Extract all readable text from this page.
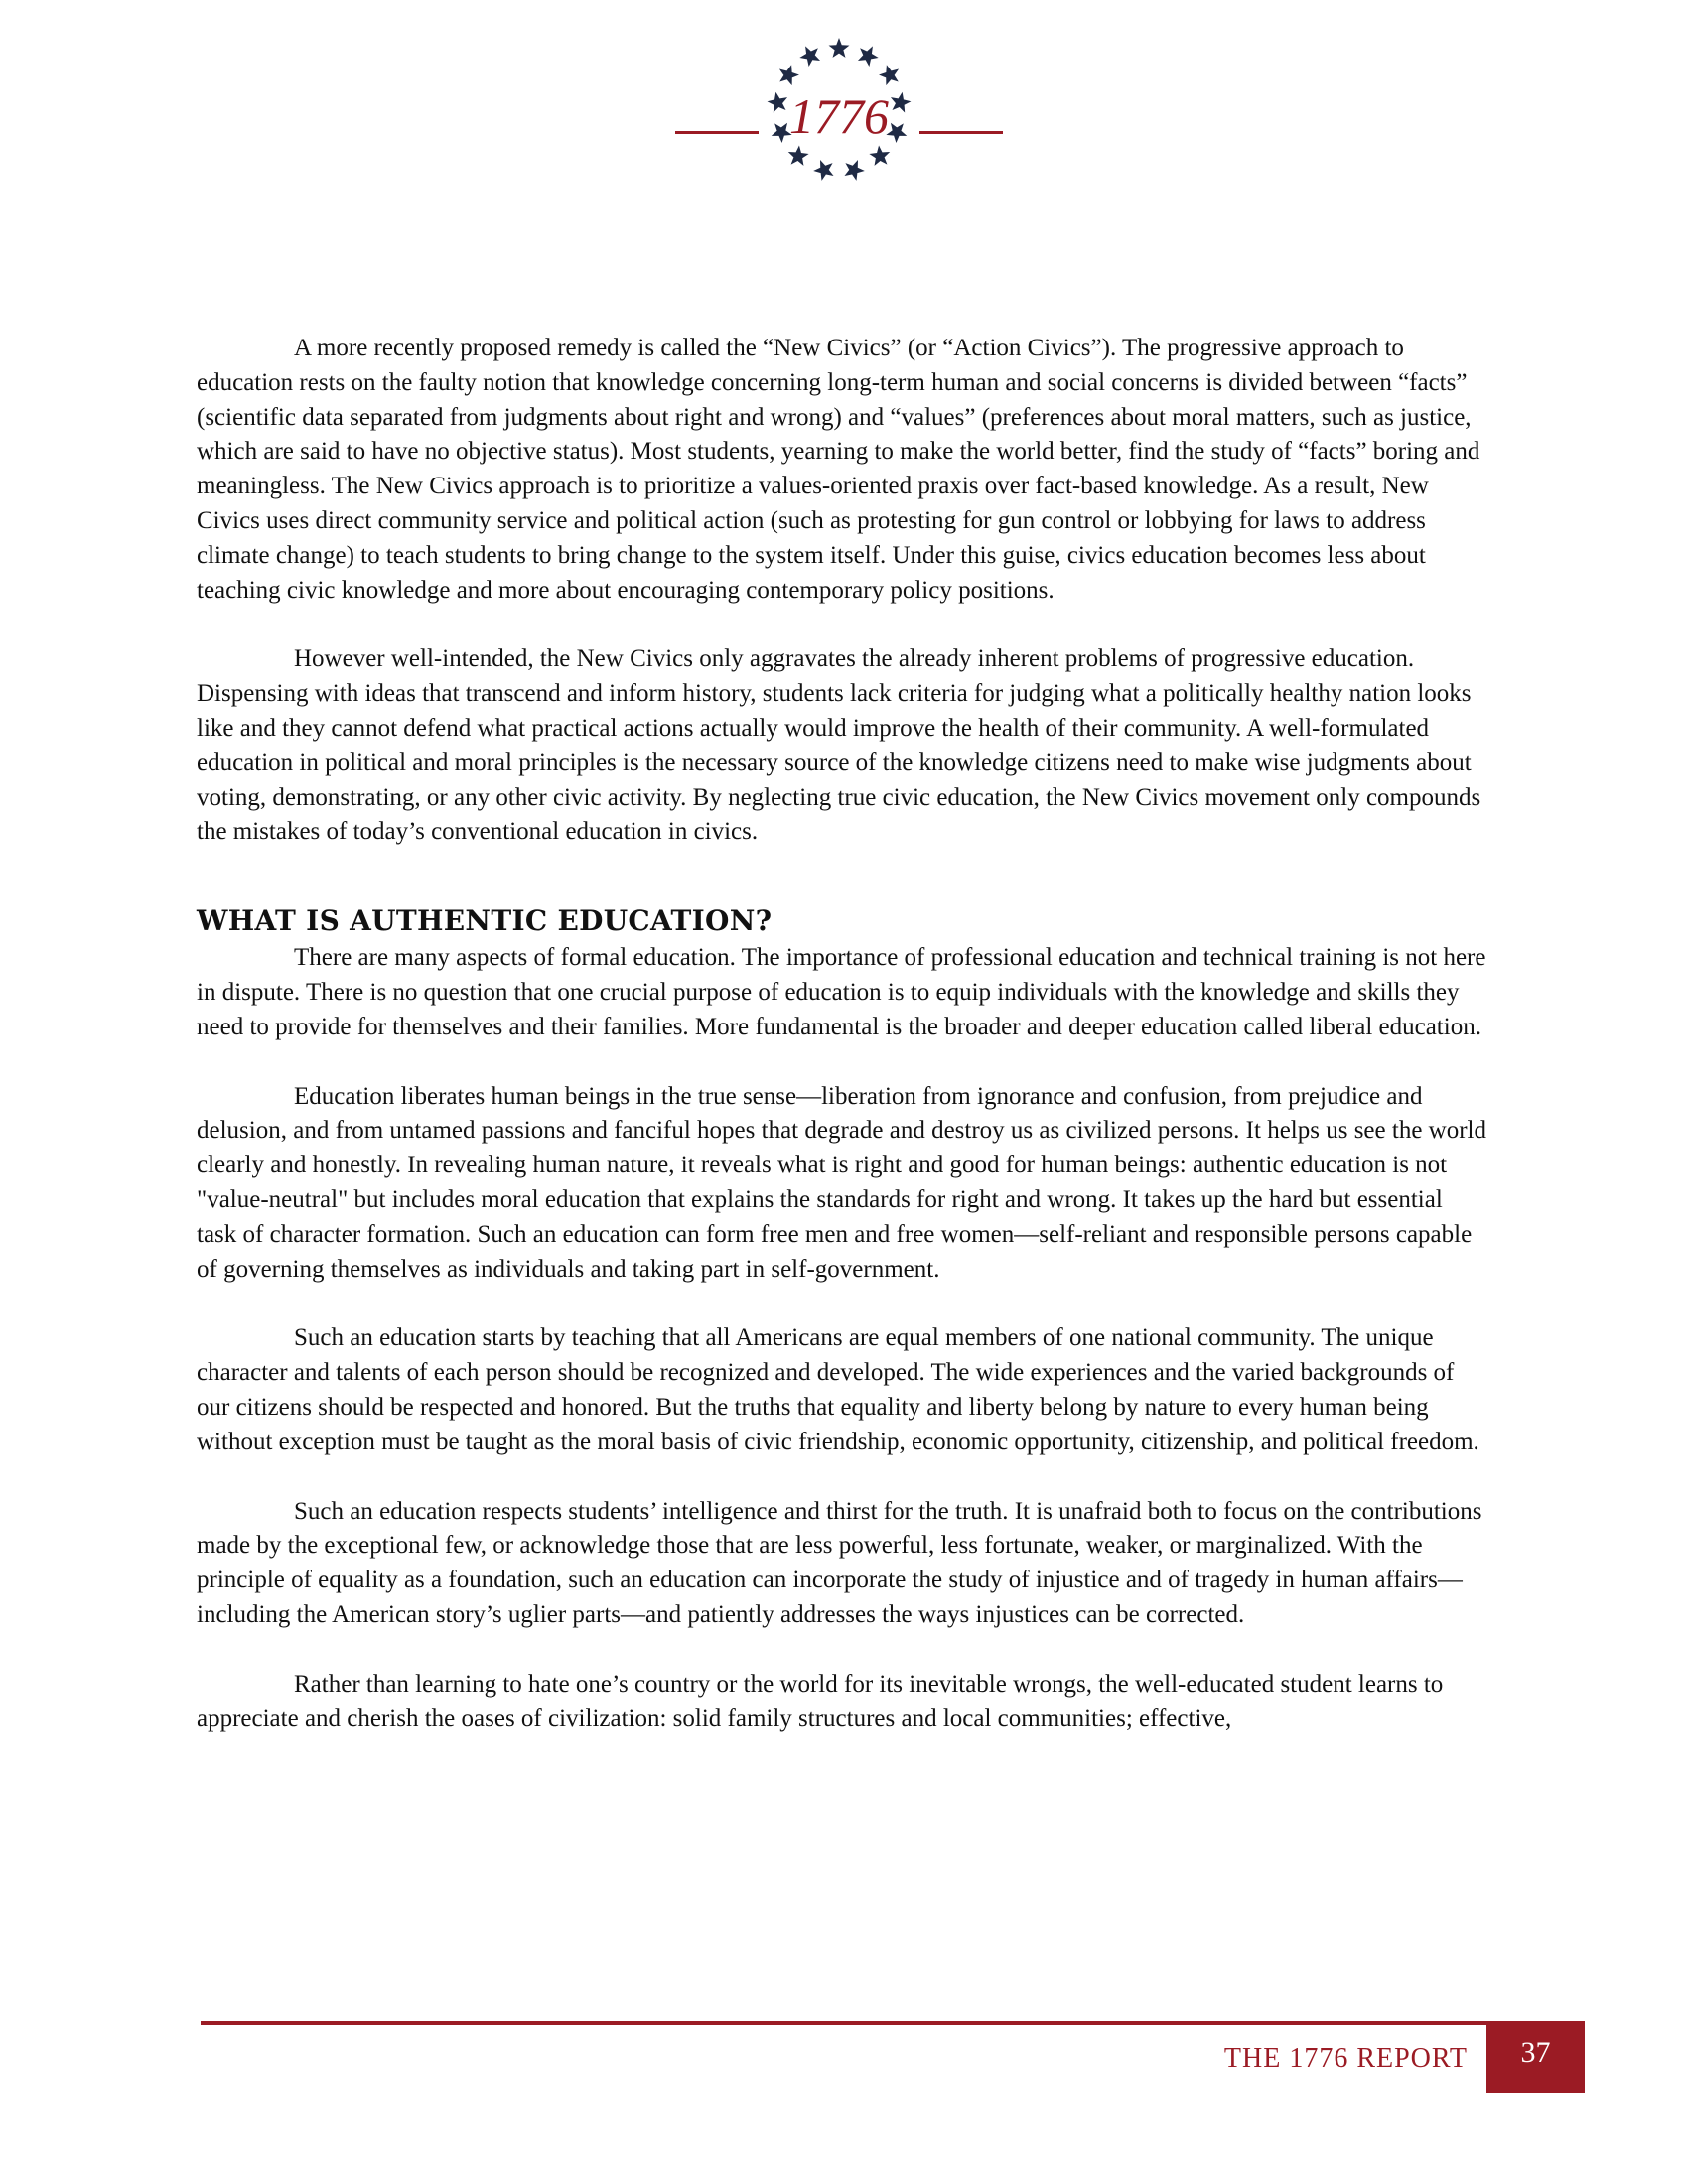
1776

A more recently proposed remedy is called the “New Civics” (or “Action Civics”). The progressive approach to education rests on the faulty notion that knowledge concerning long-term human and social concerns is divided between “facts” (scientific data separated from judgments about right and wrong) and “values” (preferences about moral matters, such as justice, which are said to have no objective status). Most students, yearning to make the world better, find the study of “facts” boring and meaningless. The New Civics approach is to prioritize a values-oriented praxis over fact-based knowledge. As a result, New Civics uses direct community service and political action (such as protesting for gun control or lobbying for laws to address climate change) to teach students to bring change to the system itself. Under this guise, civics education becomes less about teaching civic knowledge and more about encouraging contemporary policy positions.

However well-intended, the New Civics only aggravates the already inherent problems of progressive education. Dispensing with ideas that transcend and inform history, students lack criteria for judging what a politically healthy nation looks like and they cannot defend what practical actions actually would improve the health of their community. A well-formulated education in political and moral principles is the necessary source of the knowledge citizens need to make wise judgments about voting, demonstrating, or any other civic activity. By neglecting true civic education, the New Civics movement only compounds the mistakes of today’s conventional education in civics.

WHAT IS AUTHENTIC EDUCATION?

There are many aspects of formal education. The importance of professional education and technical training is not here in dispute. There is no question that one crucial purpose of education is to equip individuals with the knowledge and skills they need to provide for themselves and their families. More fundamental is the broader and deeper education called liberal education.

Education liberates human beings in the true sense—liberation from ignorance and confusion, from prejudice and delusion, and from untamed passions and fanciful hopes that degrade and destroy us as civilized persons. It helps us see the world clearly and honestly. In revealing human nature, it reveals what is right and good for human beings: authentic education is not "value-neutral" but includes moral education that explains the standards for right and wrong. It takes up the hard but essential task of character formation. Such an education can form free men and free women—self-reliant and responsible persons capable of governing themselves as individuals and taking part in self-government.

Such an education starts by teaching that all Americans are equal members of one national community. The unique character and talents of each person should be recognized and developed. The wide experiences and the varied backgrounds of our citizens should be respected and honored. But the truths that equality and liberty belong by nature to every human being without exception must be taught as the moral basis of civic friendship, economic opportunity, citizenship, and political freedom.

Such an education respects students’ intelligence and thirst for the truth. It is unafraid both to focus on the contributions made by the exceptional few, or acknowledge those that are less powerful, less fortunate, weaker, or marginalized. With the principle of equality as a foundation, such an education can incorporate the study of injustice and of tragedy in human affairs—including the American story’s uglier parts—and patiently addresses the ways injustices can be corrected.

Rather than learning to hate one’s country or the world for its inevitable wrongs, the well-educated student learns to appreciate and cherish the oases of civilization: solid family structures and local communities; effective,

THE 1776 REPORT	37
